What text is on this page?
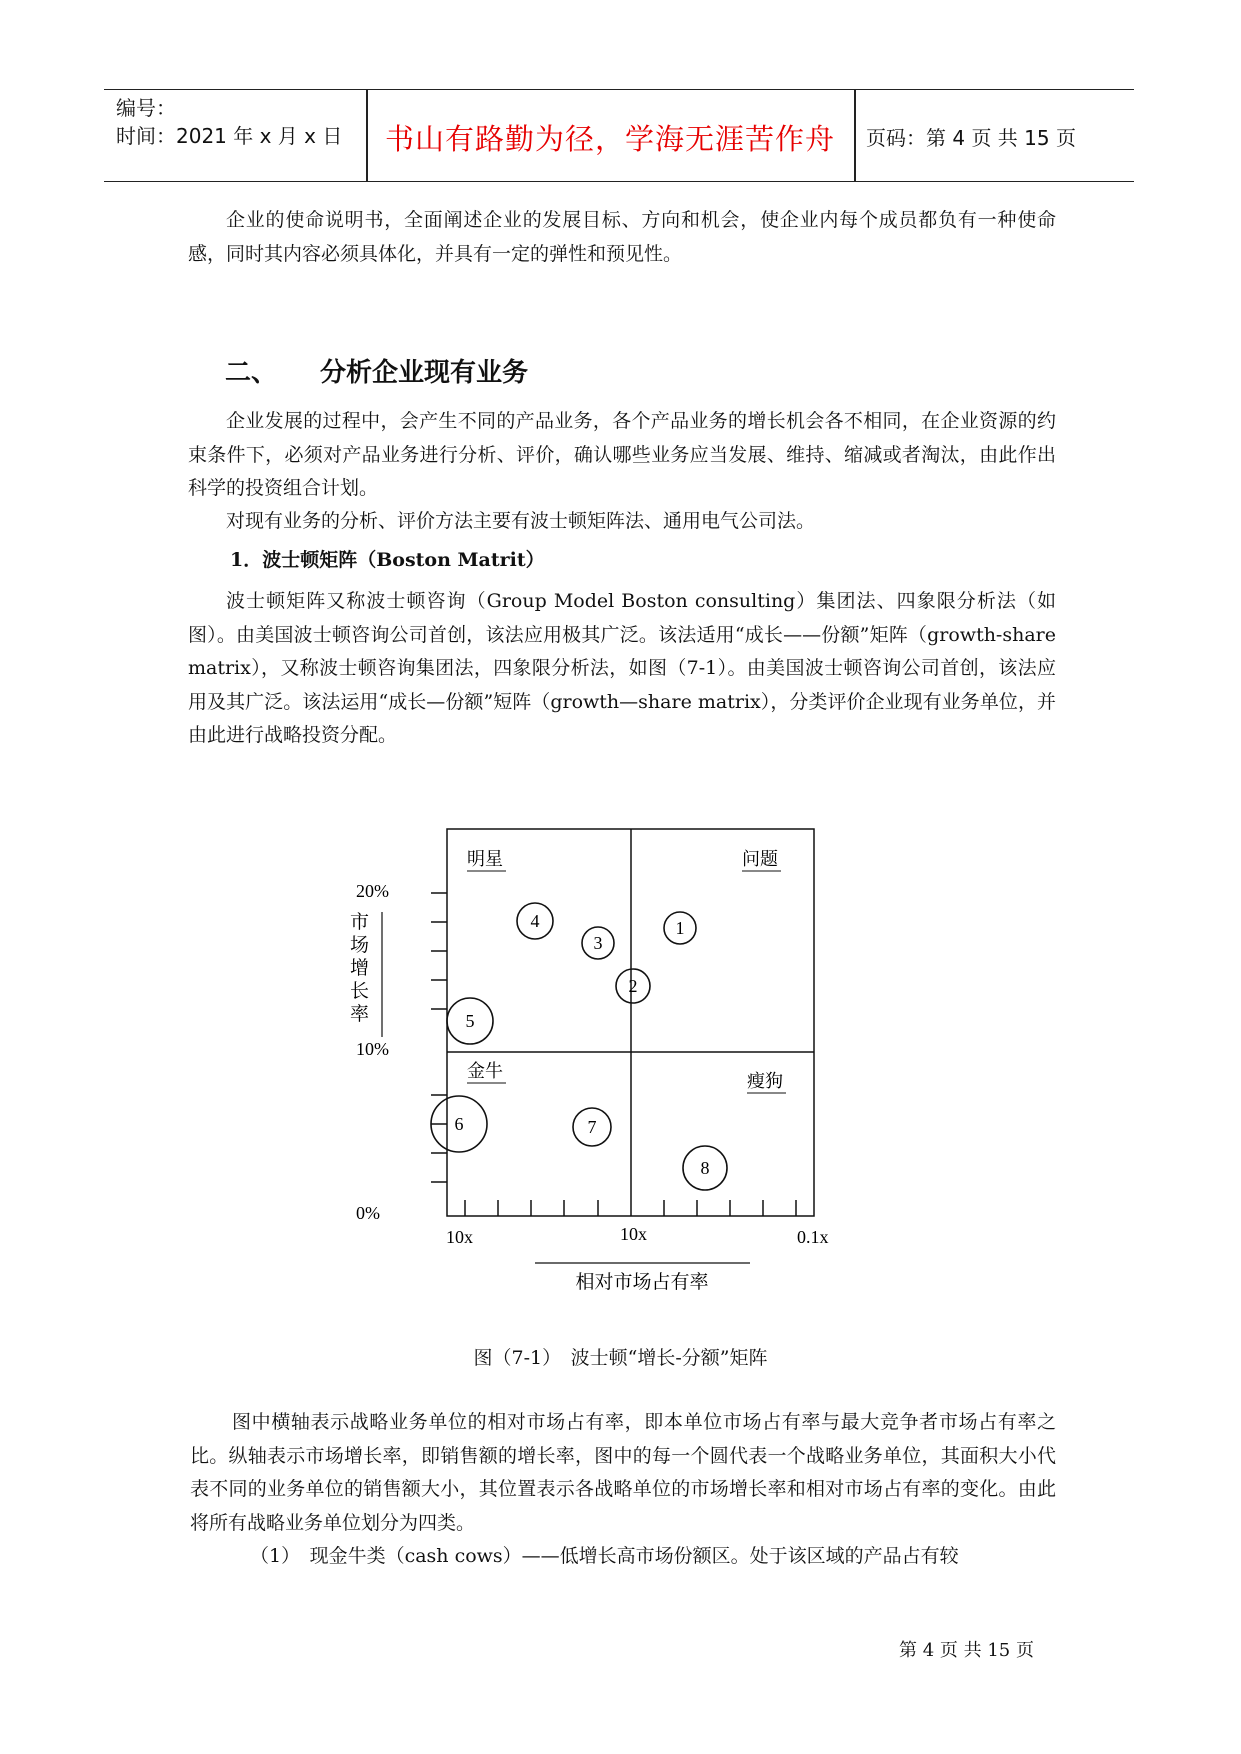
编号：
时间：2021 年 x 月 x 日	书山有路勤为径，学海无涯苦作舟	页码：第 4 页 共 15 页

企业的使命说明书，全面阐述企业的发展目标、方向和机会，使企业内每个成员都负有一种使命感，同时其内容必须具体化，并具有一定的弹性和预见性。

二、 分析企业现有业务

企业发展的过程中，会产生不同的产品业务，各个产品业务的增长机会各不相同，在企业资源的约束条件下，必须对产品业务进行分析、评价，确认哪些业务应当发展、维持、缩减或者淘汰，由此作出科学的投资组合计划。

对现有业务的分析、评价方法主要有波士顿矩阵法、通用电气公司法。

1．波士顿矩阵（Boston Matrit）

波士顿矩阵又称波士顿咨询（Group Model Boston consulting）集团法、四象限分析法（如图）。由美国波士顿咨询公司首创，该法应用极其广泛。该法适用“成长——份额”矩阵（growth-share matrix），又称波士顿咨询集团法，四象限分析法，如图（7-1）。由美国波士顿咨询公司首创，该法应用及其广泛。该法运用“成长—份额”短阵（growth—share matrix），分类评价企业现有业务单位，并由此进行战略投资分配。

明星	问题
金牛	瘦狗
20%
10%
0%
10x	10x	0.1x
市场增长率
相对市场占有率
1
2
3
4
5
6	7
8
图（7-1）　波士顿“增长-分额”矩阵

图中横轴表示战略业务单位的相对市场占有率，即本单位市场占有率与最大竞争者市场占有率之比。纵轴表示市场增长率，即销售额的增长率，图中的每一个圆代表一个战略业务单位，其面积大小代表不同的业务单位的销售额大小，其位置表示各战略单位的市场增长率和相对市场占有率的变化。由此将所有战略业务单位划分为四类。

（1）　现金牛类（cash cows）——低增长高市场份额区。处于该区域的产品占有较

第 4 页 共 15 页
